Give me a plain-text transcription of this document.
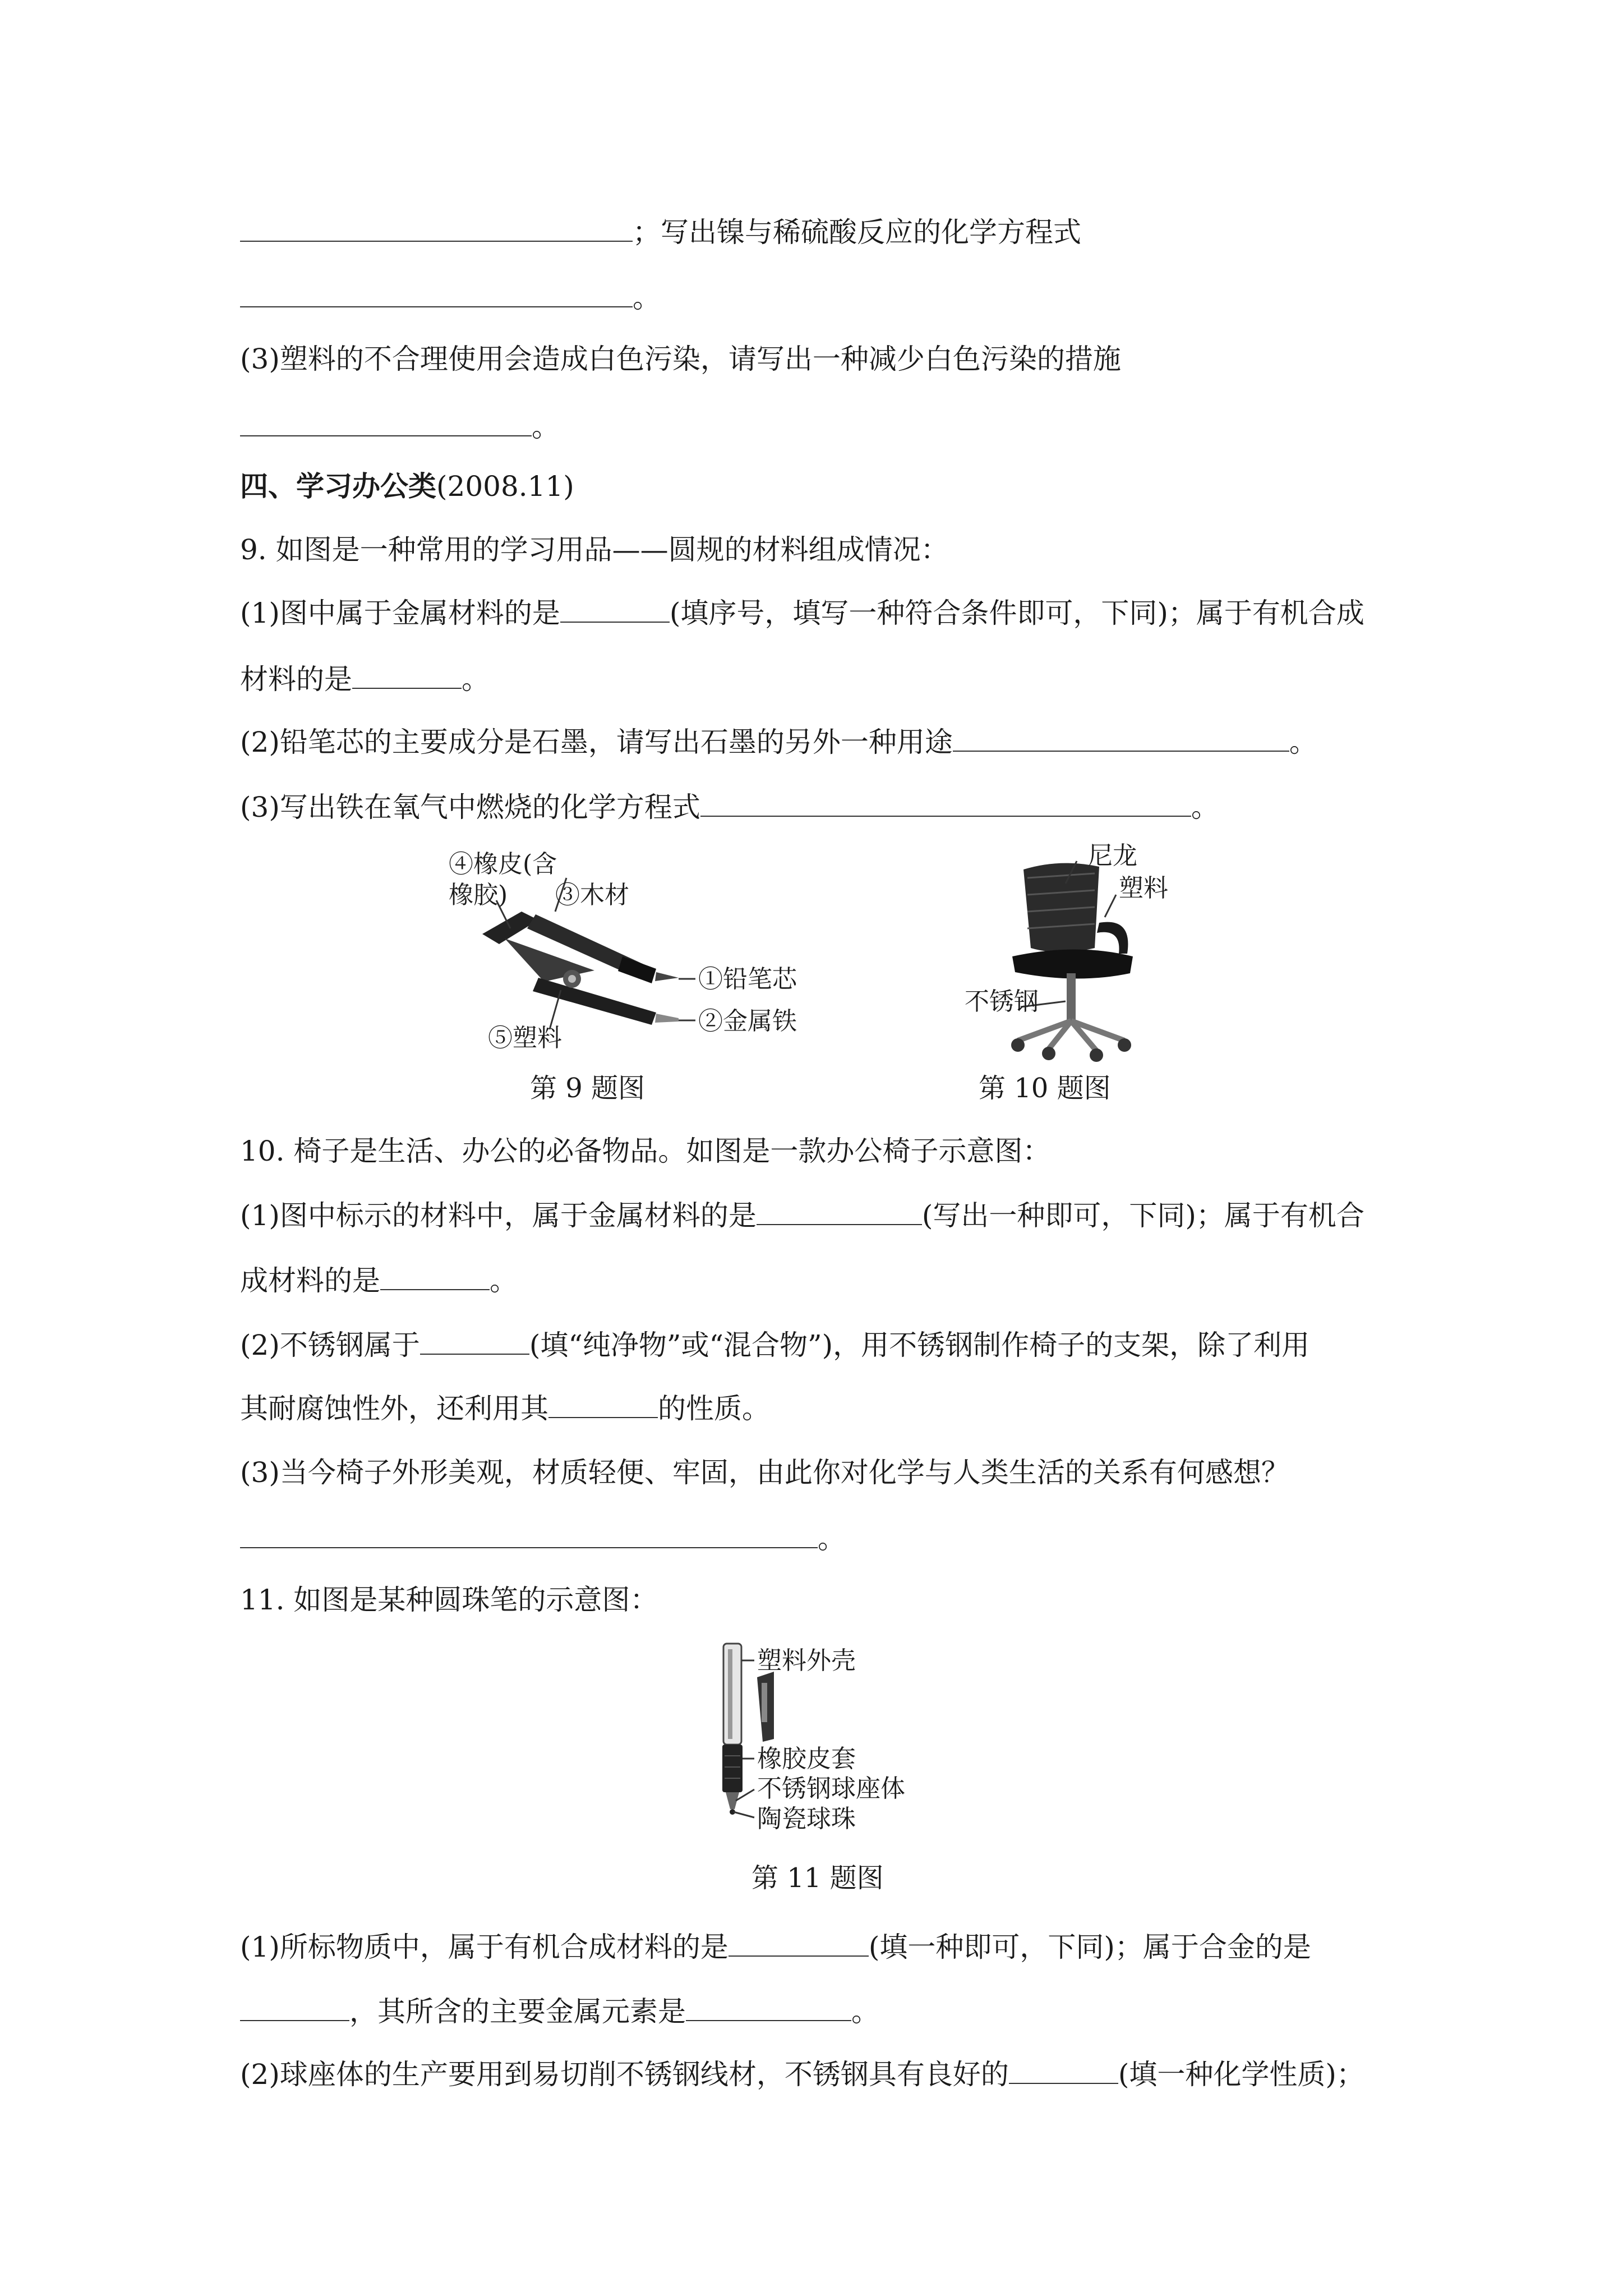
；写出镍与稀硫酸反应的化学方程式
。
(3)塑料的不合理使用会造成白色污染，请写出一种减少白色污染的措施
。
四、学习办公类(2008.11)
9. 如图是一种常用的学习用品——圆规的材料组成情况：
(1)图中属于金属材料的是	(填序号，填写一种符合条件即可，下同)；属于有机合成
材料的是	。
(2)铅笔芯的主要成分是石墨，请写出石墨的另外一种用途	。
(3)写出铁在氧气中燃烧的化学方程式	。
10. 椅子是生活、办公的必备物品。如图是一款办公椅子示意图：
(1)图中标示的材料中，属于金属材料的是	(写出一种即可，下同)；属于有机合
成材料的是	。
(2)不锈钢属于	(填“纯净物”或“混合物”)，用不锈钢制作椅子的支架，除了利用
其耐腐蚀性外，还利用其	的性质。
(3)当今椅子外形美观，材质轻便、牢固，由此你对化学与人类生活的关系有何感想？
。
11. 如图是某种圆珠笔的示意图：
(1)所标物质中，属于有机合成材料的是	(填一种即可，下同)；属于合金的是
，其所含的主要金属元素是	。
(2)球座体的生产要用到易切削不锈钢线材，不锈钢具有良好的	(填一种化学性质)；
④橡皮(含
橡胶) ③木材
①铅笔芯
②金属铁
⑤塑料
第 9 题图
尼龙
塑料
不锈钢
第 10 题图
塑料外壳
橡胶皮套
不锈钢球座体
陶瓷球珠
第 11 题图
